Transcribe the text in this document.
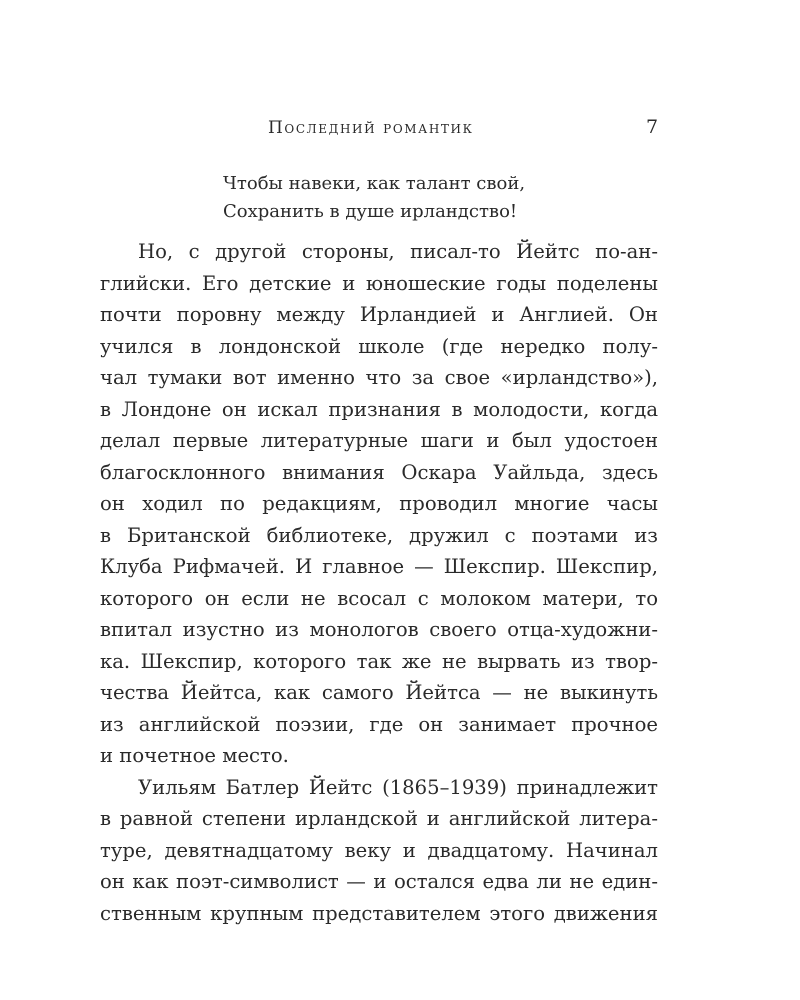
Последний романтик	7
Чтобы навеки, как талант свой,
Сохранить в душе ирландство!
Но, с другой стороны, писал-то Йейтс по-ан-
глийски. Его детские и юношеские годы поделены
почти поровну между Ирландией и Англией. Он
учился в лондонской школе (где нередко полу-
чал тумаки вот именно что за свое «ирландство»),
в Лондоне он искал признания в молодости, когда
делал первые литературные шаги и был удостоен
благосклонного внимания Оскара Уайльда, здесь
он ходил по редакциям, проводил многие часы
в Британской библиотеке, дружил с поэтами из
Клуба Рифмачей. И главное — Шекспир. Шекспир,
которого он если не всосал с молоком матери, то
впитал изустно из монологов своего отца-художни-
ка. Шекспир, которого так же не вырвать из твор-
чества Йейтса, как самого Йейтса — не выкинуть
из английской поэзии, где он занимает прочное
и почетное место.
Уильям Батлер Йейтс (1865–1939) принадлежит
в равной степени ирландской и английской литера-
туре, девятнадцатому веку и двадцатому. Начинал
он как поэт-символист — и остался едва ли не един-
ственным крупным представителем этого движения
